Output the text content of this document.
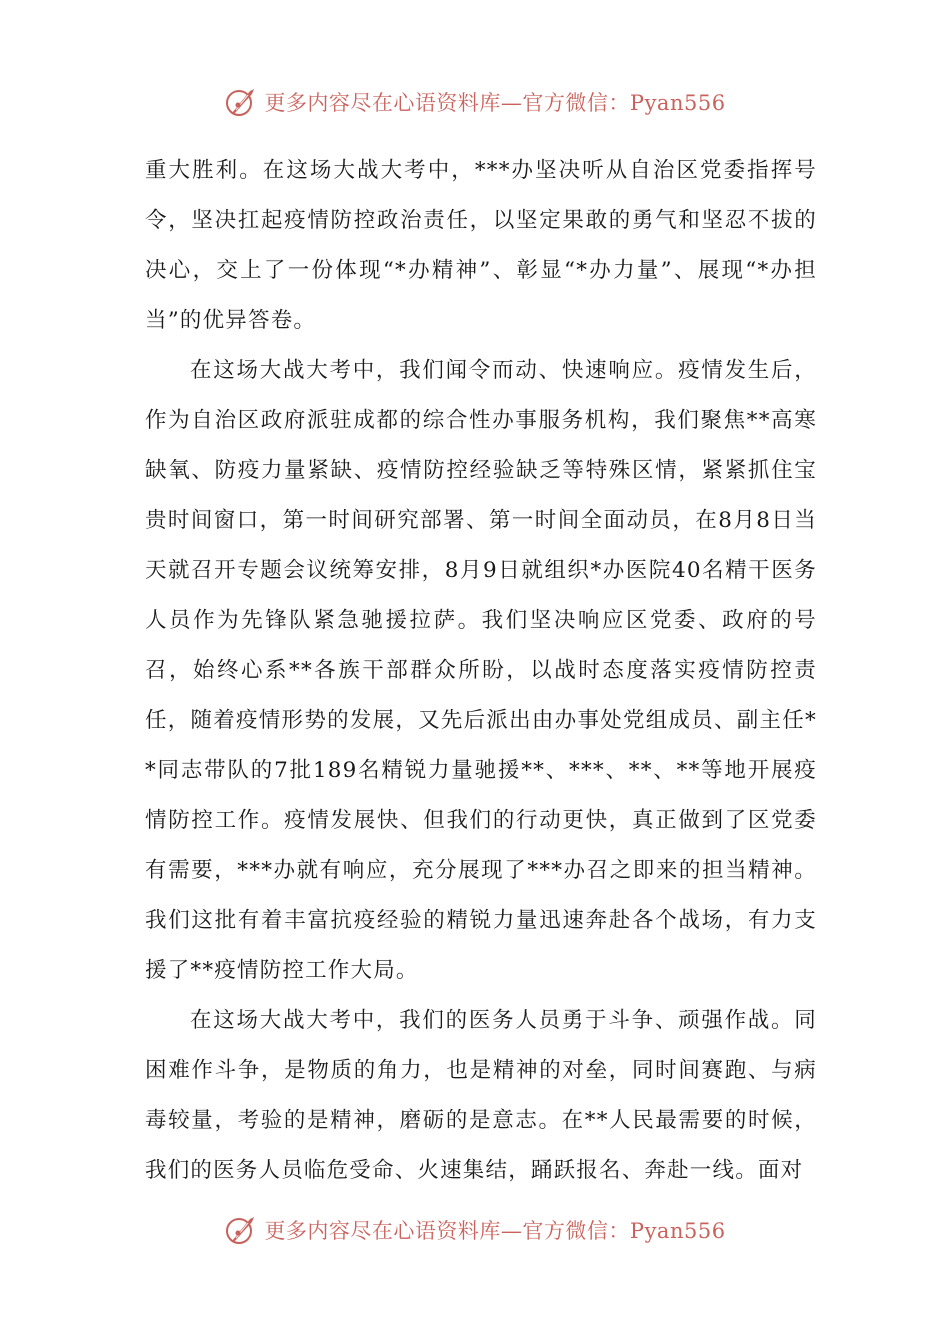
更多内容尽在心语资料库—官方微信：Pyan556

重大胜利。在这场大战大考中，***办坚决听从自治区党委指挥号令，坚决扛起疫情防控政治责任，以坚定果敢的勇气和坚忍不拔的决心，交上了一份体现“*办精神”、彰显“*办力量”、展现“*办担当”的优异答卷。

在这场大战大考中，我们闻令而动、快速响应。疫情发生后，作为自治区政府派驻成都的综合性办事服务机构，我们聚焦**高寒缺氧、防疫力量紧缺、疫情防控经验缺乏等特殊区情，紧紧抓住宝贵时间窗口，第一时间研究部署、第一时间全面动员，在8月8日当天就召开专题会议统筹安排，8月9日就组织*办医院40名精干医务人员作为先锋队紧急驰援拉萨。我们坚决响应区党委、政府的号召，始终心系**各族干部群众所盼，以战时态度落实疫情防控责任，随着疫情形势的发展，又先后派出由办事处党组成员、副主任**同志带队的7批189名精锐力量驰援**、***、**、**等地开展疫情防控工作。疫情发展快、但我们的行动更快，真正做到了区党委有需要，***办就有响应，充分展现了***办召之即来的担当精神。我们这批有着丰富抗疫经验的精锐力量迅速奔赴各个战场，有力支援了**疫情防控工作大局。

在这场大战大考中，我们的医务人员勇于斗争、顽强作战。同困难作斗争，是物质的角力，也是精神的对垒，同时间赛跑、与病毒较量，考验的是精神，磨砺的是意志。在**人民最需要的时候，我们的医务人员临危受命、火速集结，踊跃报名、奔赴一线。面对

更多内容尽在心语资料库—官方微信：Pyan556
